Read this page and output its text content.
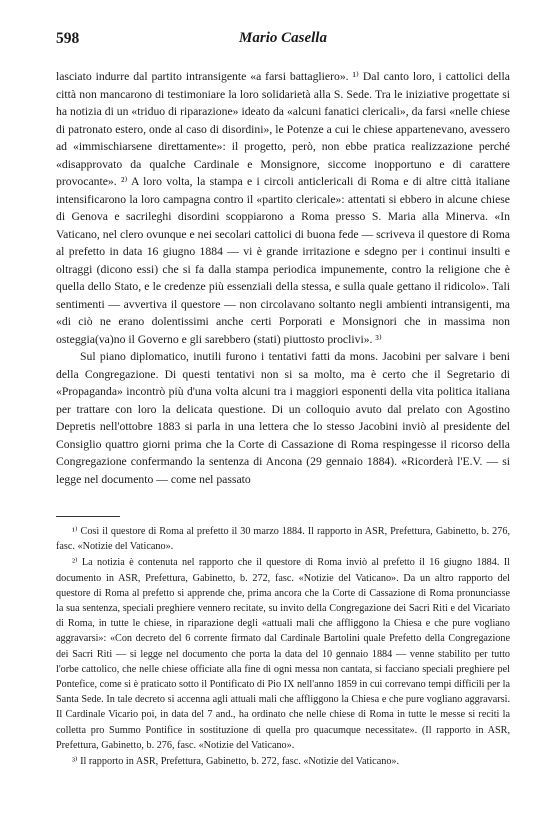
598	Mario Casella

lasciato indurre dal partito intransigente «a farsi battagliero». ¹⁾ Dal canto loro, i cattolici della città non mancarono di testimoniare la loro solidarietà alla S. Sede. Tra le iniziative progettate si ha notizia di un «triduo di riparazione» ideato da «alcuni fanatici clericali», da farsi «nelle chiese di patronato estero, onde al caso di disordini», le Potenze a cui le chiese appartenevano, avessero ad «immischiarsene direttamente»: il progetto, però, non ebbe pratica realizzazione perché «disapprovato da qualche Cardinale e Monsignore, siccome inopportuno e di carattere provocante». ²⁾ A loro volta, la stampa e i circoli anticlericali di Roma e di altre città italiane intensificarono la loro campagna contro il «partito clericale»: attentati si ebbero in alcune chiese di Genova e sacrileghi disordini scoppiarono a Roma presso S. Maria alla Minerva. «In Vaticano, nel clero ovunque e nei secolari cattolici di buona fede — scriveva il questore di Roma al prefetto in data 16 giugno 1884 — vi è grande irritazione e sdegno per i continui insulti e oltraggi (dicono essi) che si fa dalla stampa periodica impunemente, contro la religione che è quella dello Stato, e le credenze più essenziali della stessa, e sulla quale gettano il ridicolo». Tali sentimenti — avvertiva il questore — non circolavano soltanto negli ambienti intransigenti, ma «di ciò ne erano dolentissimi anche certi Porporati e Monsignori che in massima non osteggia(va)no il Governo e gli sarebbero (stati) piuttosto proclivi». ³⁾

Sul piano diplomatico, inutili furono i tentativi fatti da mons. Jacobini per salvare i beni della Congregazione. Di questi tentativi non si sa molto, ma è certo che il Segretario di «Propaganda» incontrò più d'una volta alcuni tra i maggiori esponenti della vita politica italiana per trattare con loro la delicata questione. Di un colloquio avuto dal prelato con Agostino Depretis nell'ottobre 1883 si parla in una lettera che lo stesso Jacobini inviò al presidente del Consiglio quattro giorni prima che la Corte di Cassazione di Roma respingesse il ricorso della Congregazione confermando la sentenza di Ancona (29 gennaio 1884). «Ricorderà l'E.V. — si legge nel documento — come nel passato

¹⁾ Così il questore di Roma al prefetto il 30 marzo 1884. Il rapporto in ASR, Prefettura, Gabinetto, b. 276, fasc. «Notizie del Vaticano».

²⁾ La notizia è contenuta nel rapporto che il questore di Roma inviò al prefetto il 16 giugno 1884. Il documento in ASR, Prefettura, Gabinetto, b. 272, fasc. «Notizie del Vaticano». Da un altro rapporto del questore di Roma al prefetto si apprende che, prima ancora che la Corte di Cassazione di Roma pronunciasse la sua sentenza, speciali preghiere vennero recitate, su invito della Congregazione dei Sacri Riti e del Vicariato di Roma, in tutte le chiese, in riparazione degli «attuali mali che affliggono la Chiesa e che pure vogliano aggravarsi»: «Con decreto del 6 corrente firmato dal Cardinale Bartolini quale Prefetto della Congregazione dei Sacri Riti — si legge nel documento che porta la data del 10 gennaio 1884 — venne stabilito per tutto l'orbe cattolico, che nelle chiese officiate alla fine di ogni messa non cantata, si facciano speciali preghiere pel Pontefice, come si è praticato sotto il Pontificato di Pio IX nell'anno 1859 in cui correvano tempi difficili per la Santa Sede. In tale decreto si accenna agli attuali mali che affliggono la Chiesa e che pure vogliano aggravarsi. Il Cardinale Vicario poi, in data del 7 and., ha ordinato che nelle chiese di Roma in tutte le messe si reciti la colletta pro Summo Pontifice in sostituzione di quella pro quacumque necessitate». (Il rapporto in ASR, Prefettura, Gabinetto, b. 276, fasc. «Notizie del Vaticano».

³⁾ Il rapporto in ASR, Prefettura, Gabinetto, b. 272, fasc. «Notizie del Vaticano».
